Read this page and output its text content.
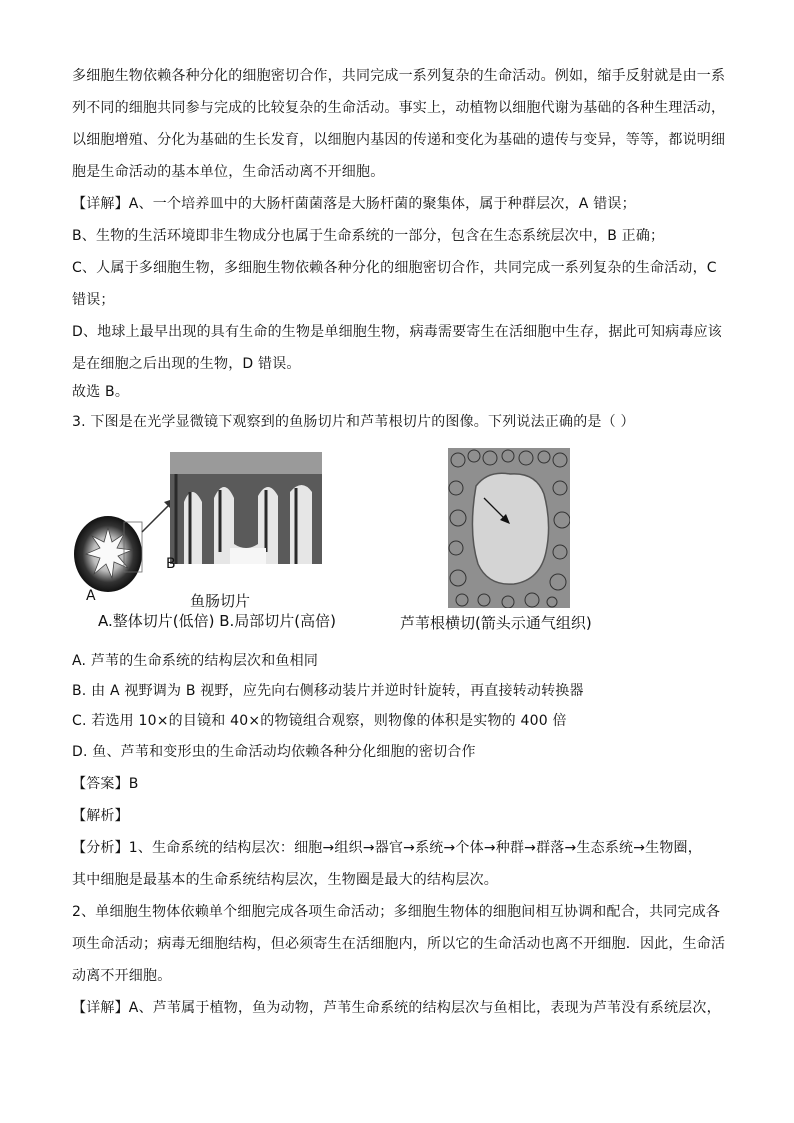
多细胞生物依赖各种分化的细胞密切合作，共同完成一系列复杂的生命活动。例如，缩手反射就是由一系
列不同的细胞共同参与完成的比较复杂的生命活动。事实上，动植物以细胞代谢为基础的各种生理活动，
以细胞增殖、分化为基础的生长发育，以细胞内基因的传递和变化为基础的遗传与变异，等等，都说明细
胞是生命活动的基本单位，生命活动离不开细胞。
【详解】A、一个培养皿中的大肠杆菌菌落是大肠杆菌的聚集体，属于种群层次，A 错误；
B、生物的生活环境即非生物成分也属于生命系统的一部分，包含在生态系统层次中，B 正确；
C、人属于多细胞生物，多细胞生物依赖各种分化的细胞密切合作，共同完成一系列复杂的生命活动，C
错误；
D、地球上最早出现的具有生命的生物是单细胞生物，病毒需要寄生在活细胞中生存，据此可知病毒应该
是在细胞之后出现的生物，D 错误。
故选 B。
3. 下图是在光学显微镜下观察到的鱼肠切片和芦苇根切片的图像。下列说法正确的是（ ）
A
B
鱼肠切片
A.整体切片(低倍) B.局部切片(高倍)	芦苇根横切(箭头示通气组织)
A. 芦苇的生命系统的结构层次和鱼相同
B. 由 A 视野调为 B 视野，应先向右侧移动装片并逆时针旋转，再直接转动转换器
C. 若选用 10×的目镜和 40×的物镜组合观察，则物像的体积是实物的 400 倍
D. 鱼、芦苇和变形虫的生命活动均依赖各种分化细胞的密切合作
【答案】B
【解析】
【分析】1、生命系统的结构层次：细胞→组织→器官→系统→个体→种群→群落→生态系统→生物圈，
其中细胞是最基本的生命系统结构层次，生物圈是最大的结构层次。
2、单细胞生物体依赖单个细胞完成各项生命活动；多细胞生物体的细胞间相互协调和配合，共同完成各
项生命活动；病毒无细胞结构，但必须寄生在活细胞内，所以它的生命活动也离不开细胞．因此，生命活
动离不开细胞。
【详解】A、芦苇属于植物，鱼为动物，芦苇生命系统的结构层次与鱼相比，表现为芦苇没有系统层次，
